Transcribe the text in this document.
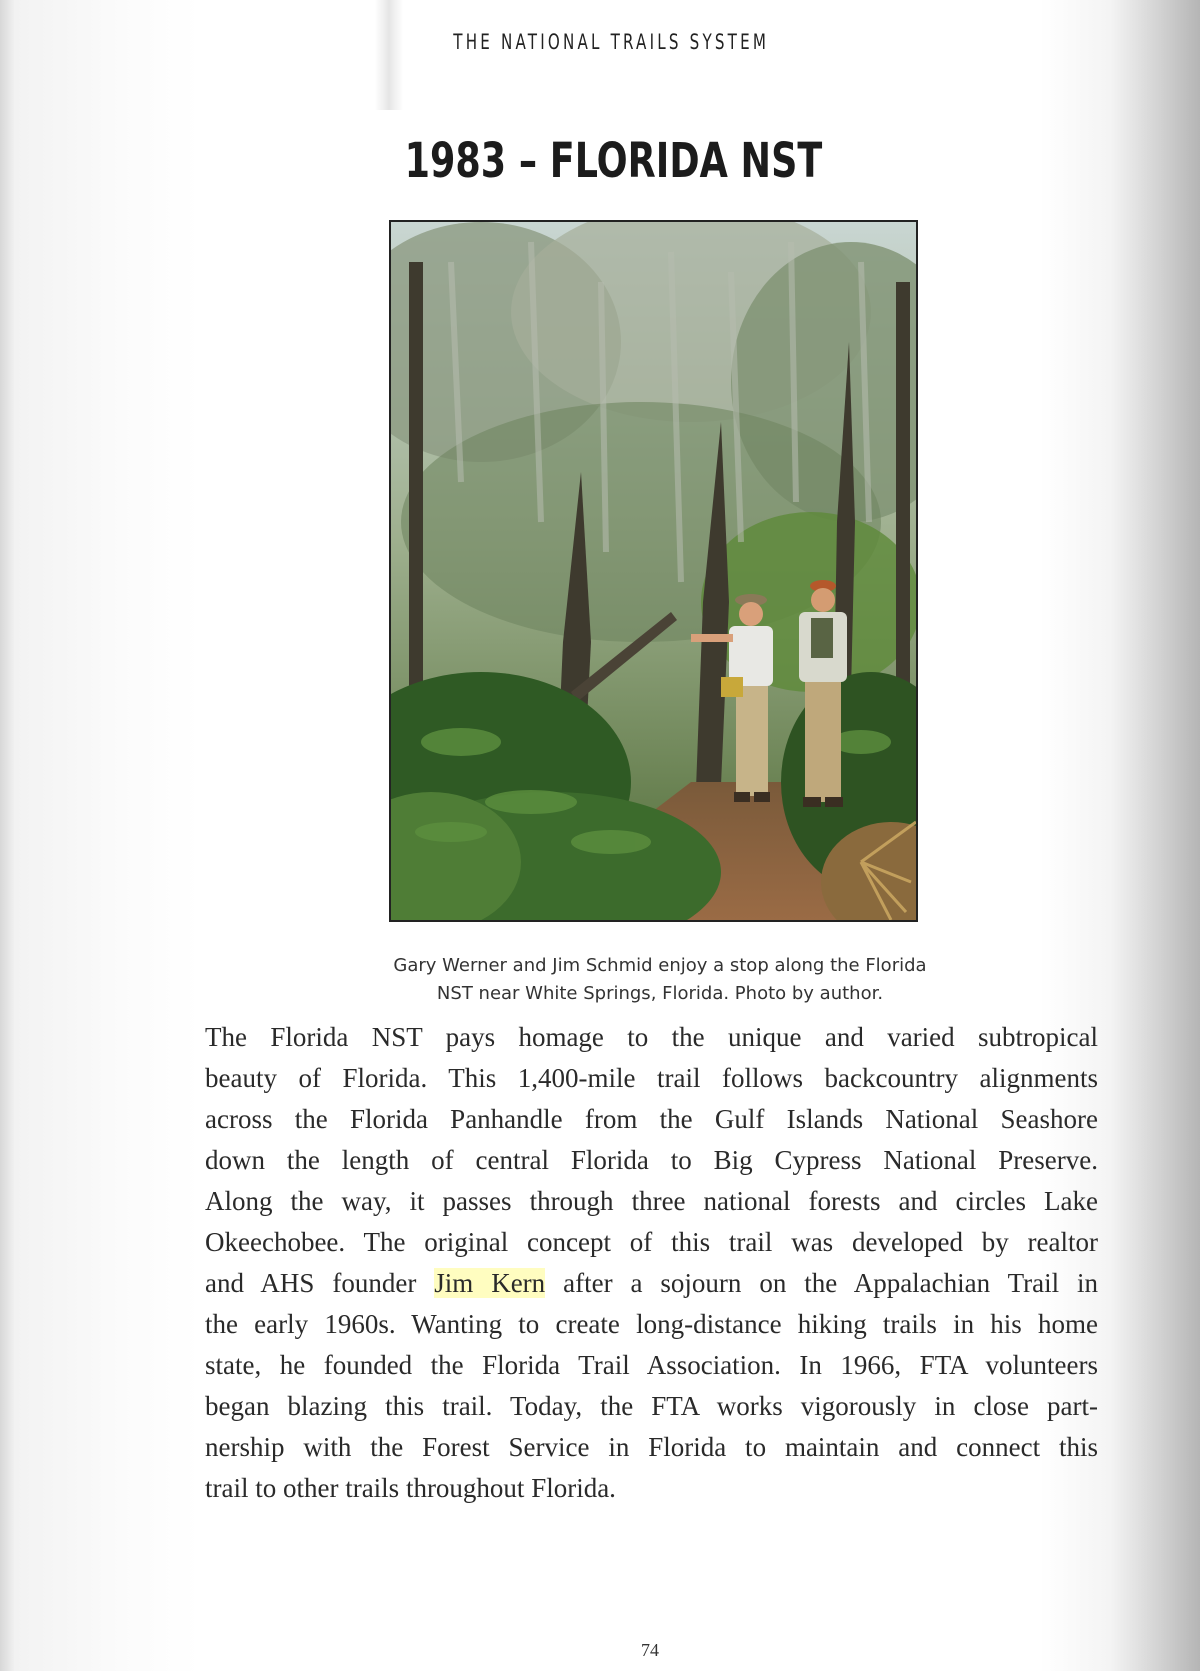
THE NATIONAL TRAILS SYSTEM
1983 – FLORIDA NST
Gary Werner and Jim Schmid enjoy a stop along the Florida
NST near White Springs, Florida. Photo by author.
The Florida NST pays homage to the unique and varied subtropical
beauty of Florida. This 1,400-mile trail follows backcountry alignments
across the Florida Panhandle from the Gulf Islands National Seashore
down the length of central Florida to Big Cypress National Preserve.
Along the way, it passes through three national forests and circles Lake
Okeechobee. The original concept of this trail was developed by realtor
and AHS founder Jim Kern after a sojourn on the Appalachian Trail in
the early 1960s. Wanting to create long-distance hiking trails in his home
state, he founded the Florida Trail Association. In 1966, FTA volunteers
began blazing this trail. Today, the FTA works vigorously in close part-
nership with the Forest Service in Florida to maintain and connect this
trail to other trails throughout Florida.
74
